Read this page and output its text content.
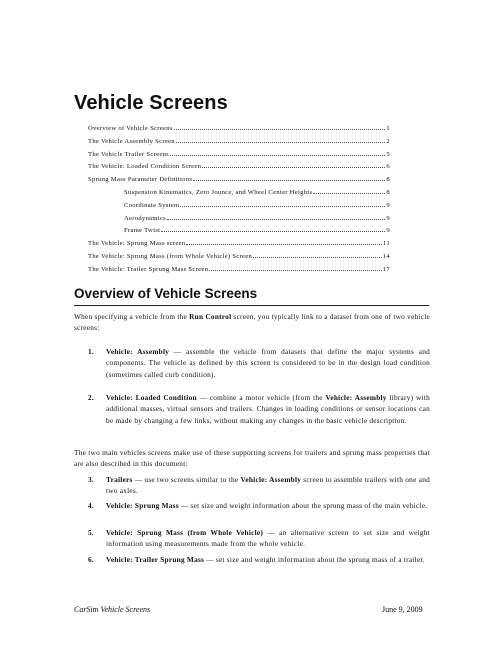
Vehicle Screens
Overview of Vehicle Screens	1
The Vehicle Assembly Screen	2
The Vehicle Trailer Screens	5
The Vehicle: Loaded Condition Screen	6
Sprung Mass Parameter Definitions	8
Suspension Kinematics, Zero Jounce, and Wheel Center Heights	8
Coordinate System	9
Aerodynamics	9
Frame Twist	9
The Vehicle: Sprung Mass screen	11
The Vehicle: Sprung Mass (from Whole Vehicle) Screen	14
The Vehicle: Trailer Sprung Mass Screen	17
Overview of Vehicle Screens

When specifying a vehicle from the Run Control screen, you typically link to a dataset from one of two vehicle screens:

1. Vehicle: Assembly — assemble the vehicle from datasets that define the major systems and components. The vehicle as defined by this screen is considered to be in the design load condition (sometimes called curb condition).

2. Vehicle: Loaded Condition — combine a motor vehicle (from the Vehicle: Assembly library) with additional masses, virtual sensors and trailers. Changes in loading conditions or sensor locations can be made by changing a few links, without making any changes in the basic vehicle description.

The two main vehicles screens make use of these supporting screens for trailers and sprung mass properties that are also described in this document:

3. Trailers — use two screens similar to the Vehicle: Assembly screen to assemble trailers with one and two axles.

4. Vehicle: Sprung Mass — set size and weight information about the sprung mass of the main vehicle.

5. Vehicle: Sprung Mass (from Whole Vehicle) — an alternative screen to set size and weight information using measurements made from the whole vehicle.

6. Vehicle: Trailer Sprung Mass — set size and weight information about the sprung mass of a trailer.

CarSim Vehicle Screens	June 9, 2009
